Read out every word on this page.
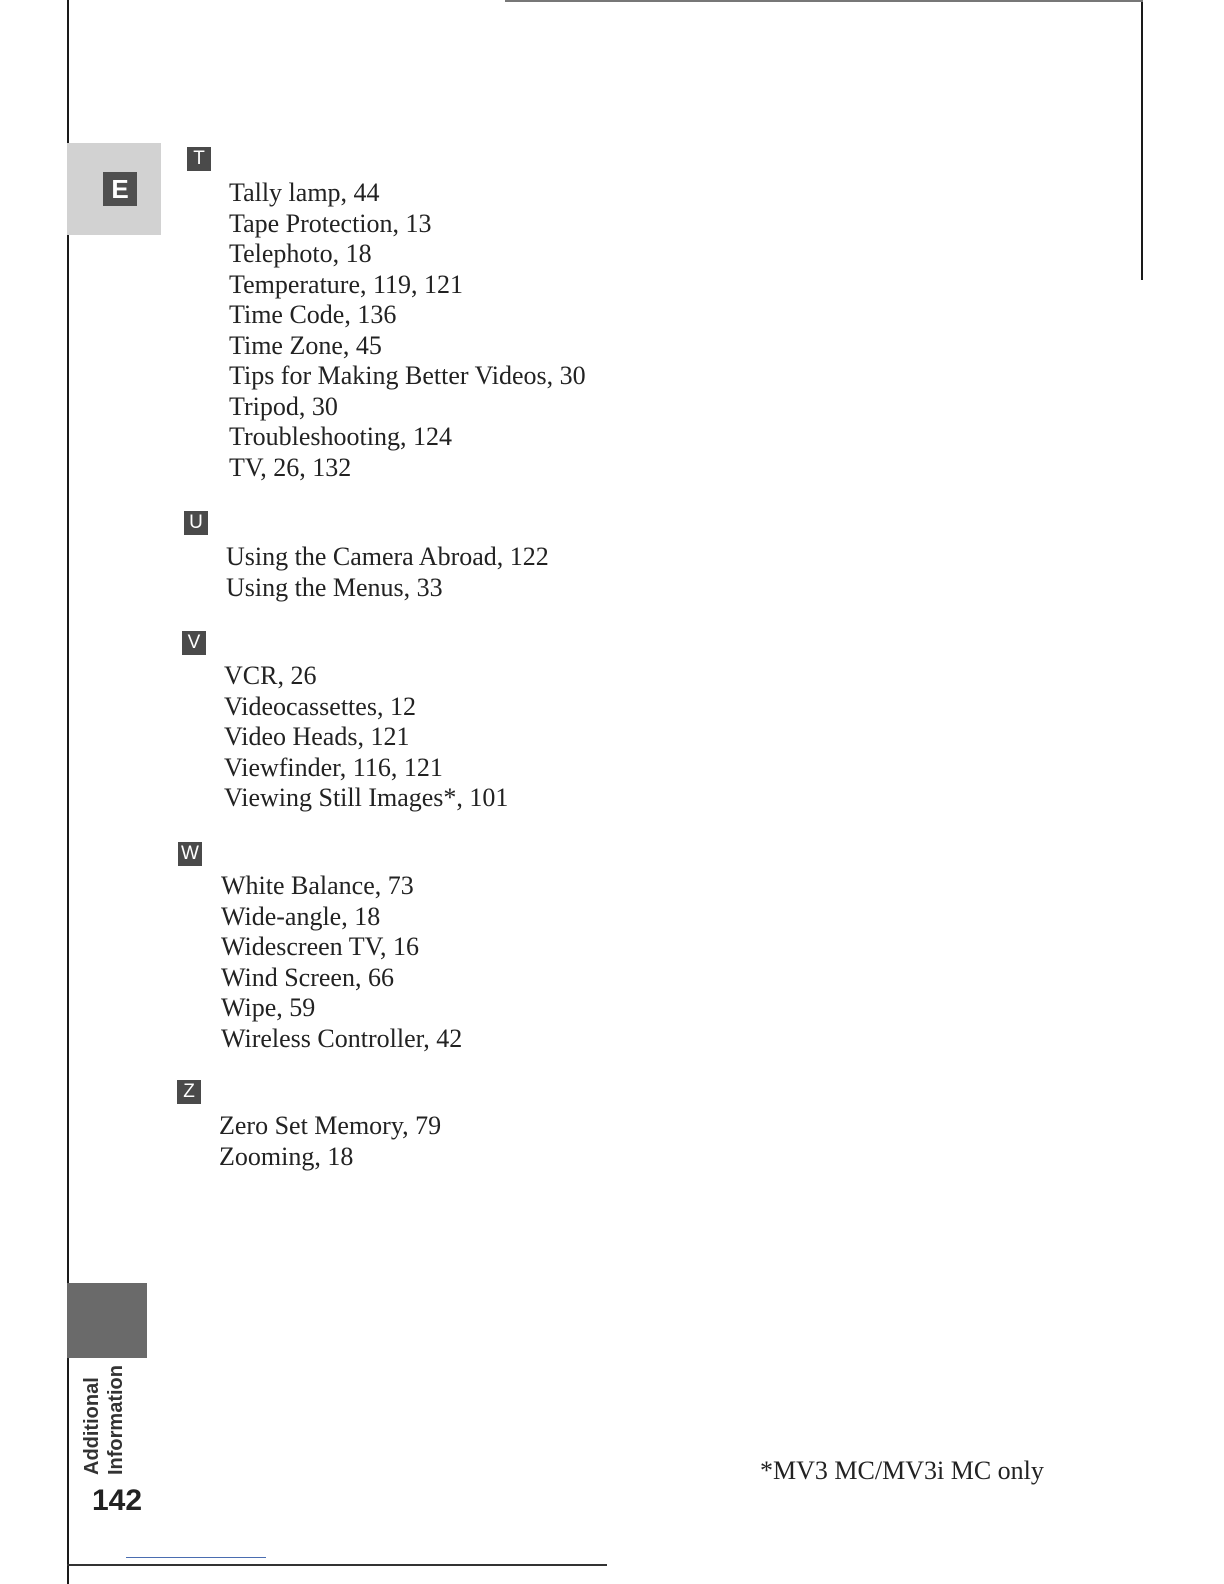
E
T
Tally lamp, 44
Tape Protection, 13
Telephoto, 18
Temperature, 119, 121
Time Code, 136
Time Zone, 45
Tips for Making Better Videos, 30
Tripod, 30
Troubleshooting, 124
TV, 26, 132
U
Using the Camera Abroad, 122
Using the Menus, 33
V
VCR, 26
Videocassettes, 12
Video Heads, 121
Viewfinder, 116, 121
Viewing Still Images*, 101
W
White Balance, 73
Wide-angle, 18
Widescreen TV, 16
Wind Screen, 66
Wipe, 59
Wireless Controller, 42
Z
Zero Set Memory, 79
Zooming, 18
Additional Information
142
*MV3 MC/MV3i MC only
